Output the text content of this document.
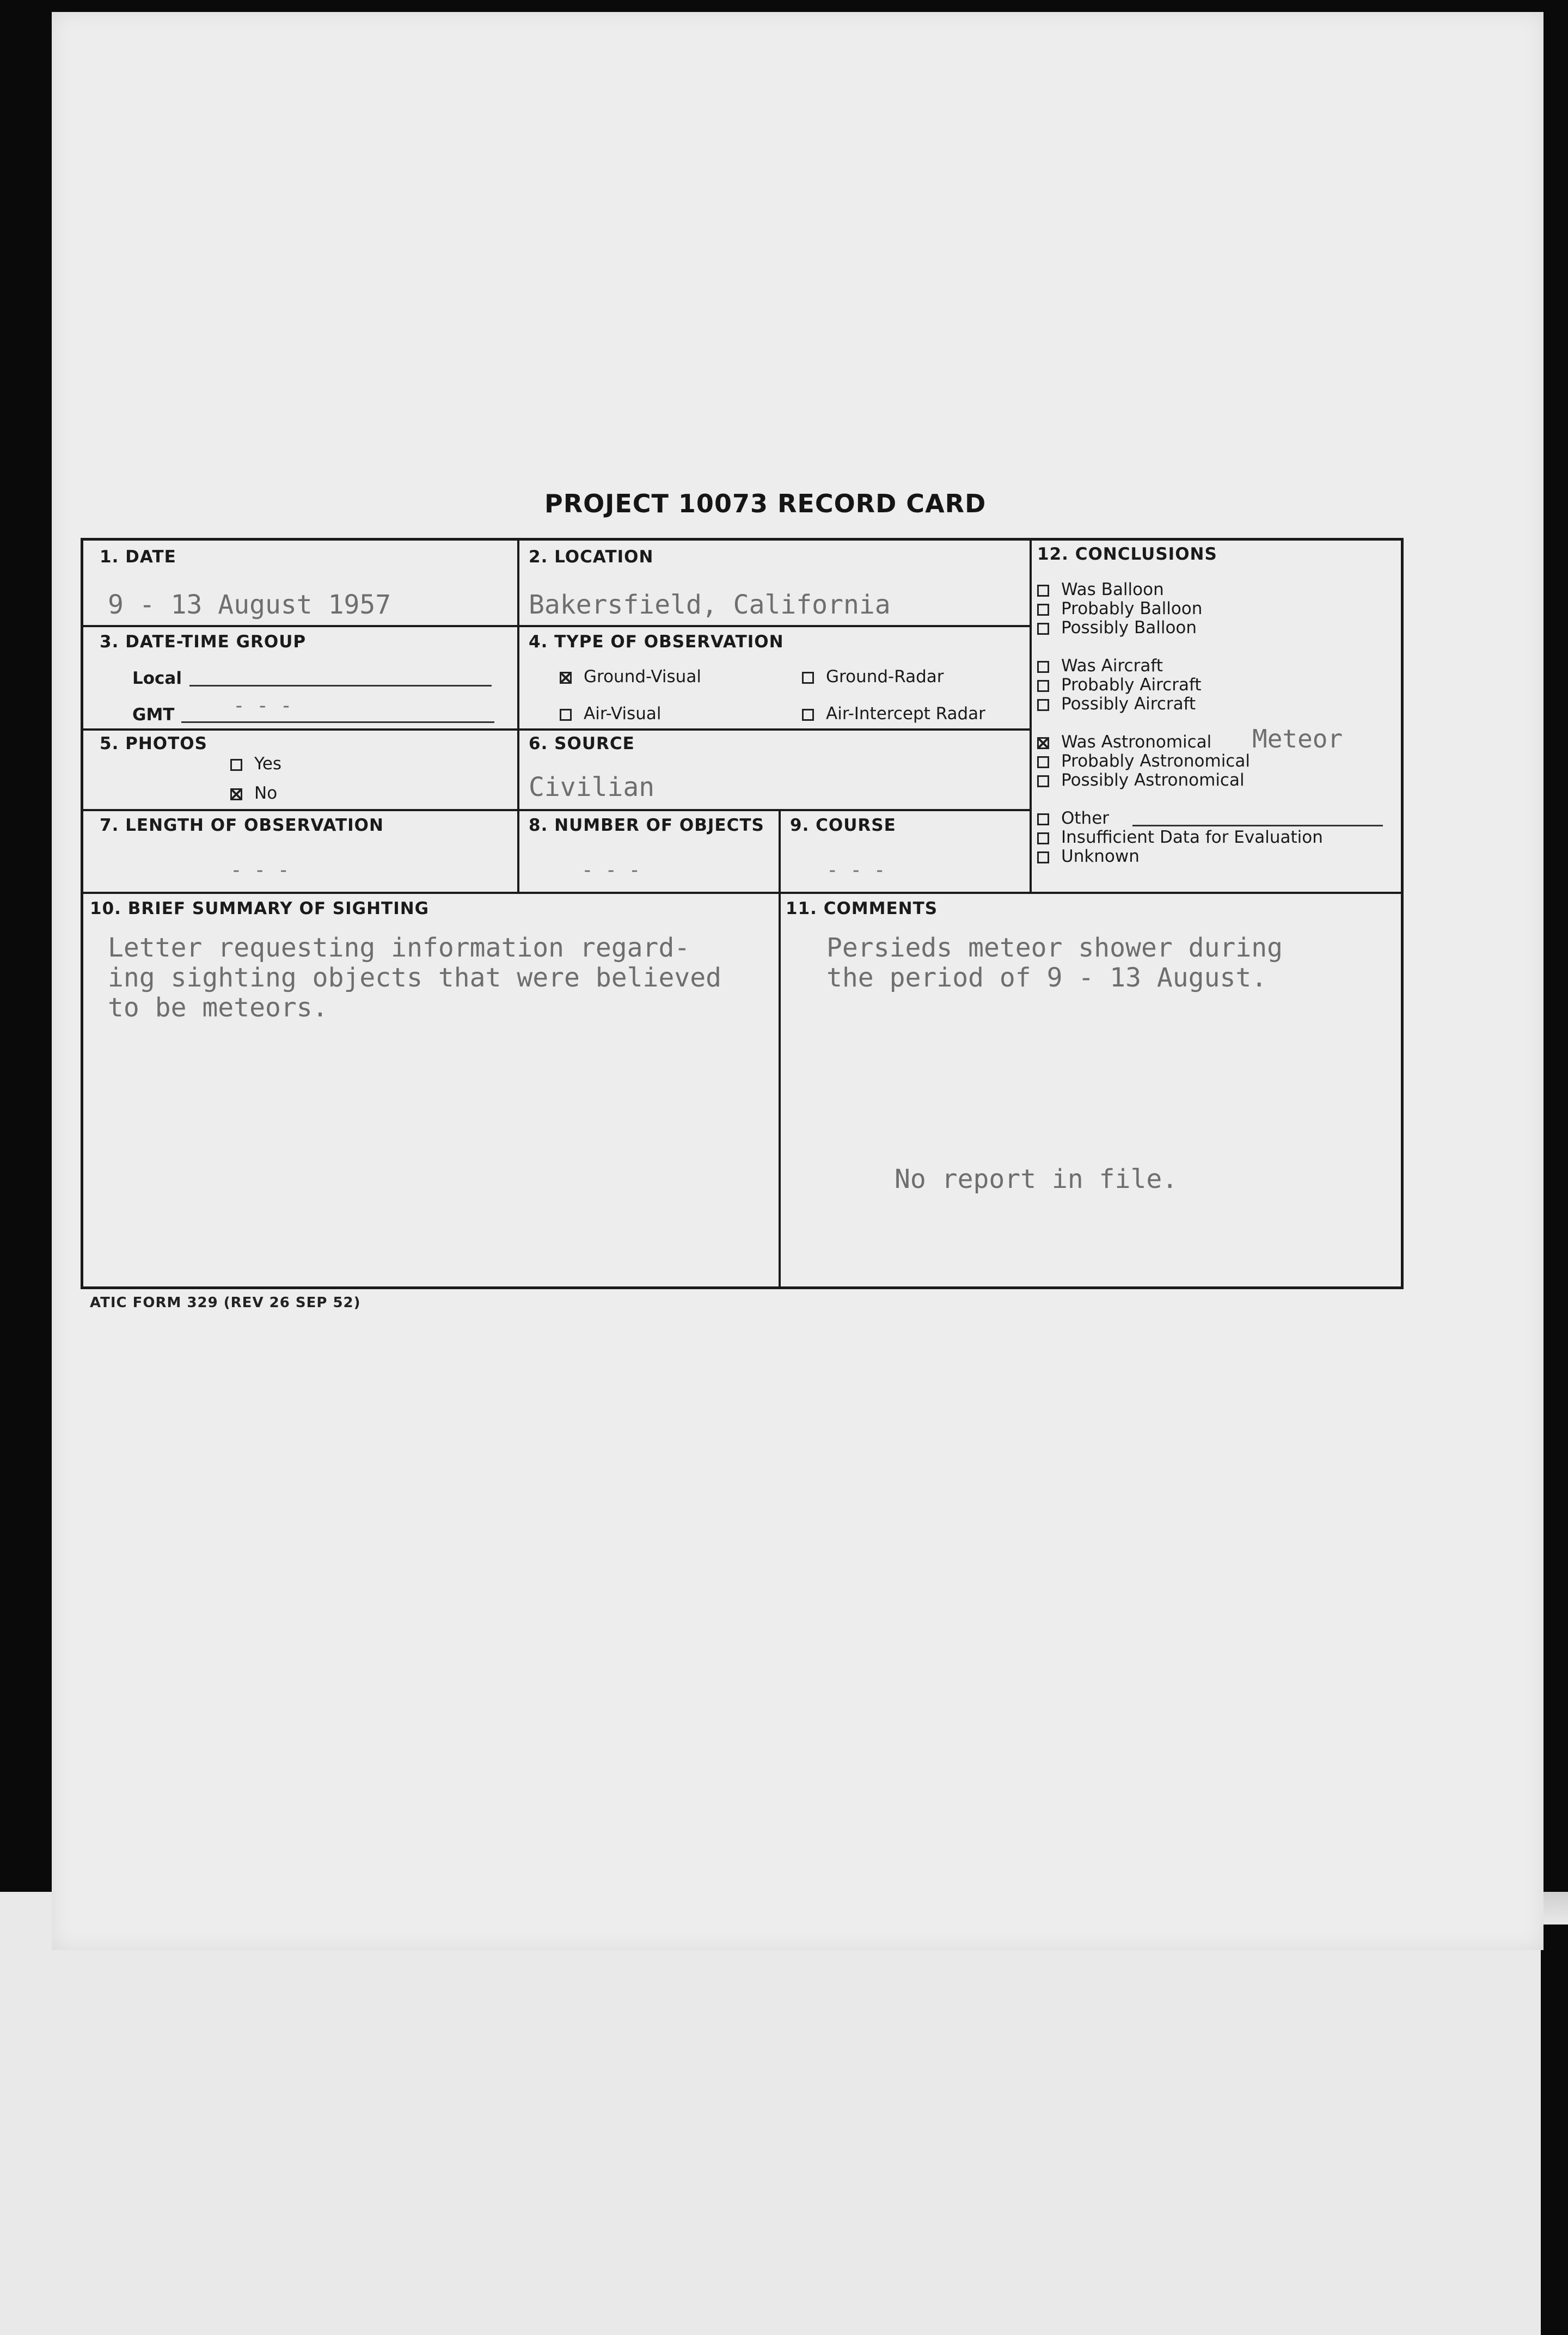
PROJECT 10073 RECORD CARD
1. DATE
9 - 13 August 1957
2. LOCATION
Bakersfield, California
3. DATE-TIME GROUP
Local
GMT	- - -
4. TYPE OF OBSERVATION
Ground-Visual	Ground-Radar
Air-Visual	Air-Intercept Radar
5. PHOTOS
Yes
No
6. SOURCE
Civilian
7. LENGTH OF OBSERVATION
- - -
8. NUMBER OF OBJECTS
- - -
9. COURSE
- - -
10. BRIEF SUMMARY OF SIGHTING
Letter requesting information regard-
ing sighting objects that were believed
to be meteors.
11. COMMENTS
Persieds meteor shower during
the period of 9 - 13 August.
No report in file.
12. CONCLUSIONS
Was Balloon
Probably Balloon
Possibly Balloon
Was Aircraft
Probably Aircraft
Possibly Aircraft
Was Astronomical Meteor
Probably Astronomical
Possibly Astronomical
Other
Insufficient Data for Evaluation
Unknown
ATIC FORM 329 (REV 26 SEP 52)
